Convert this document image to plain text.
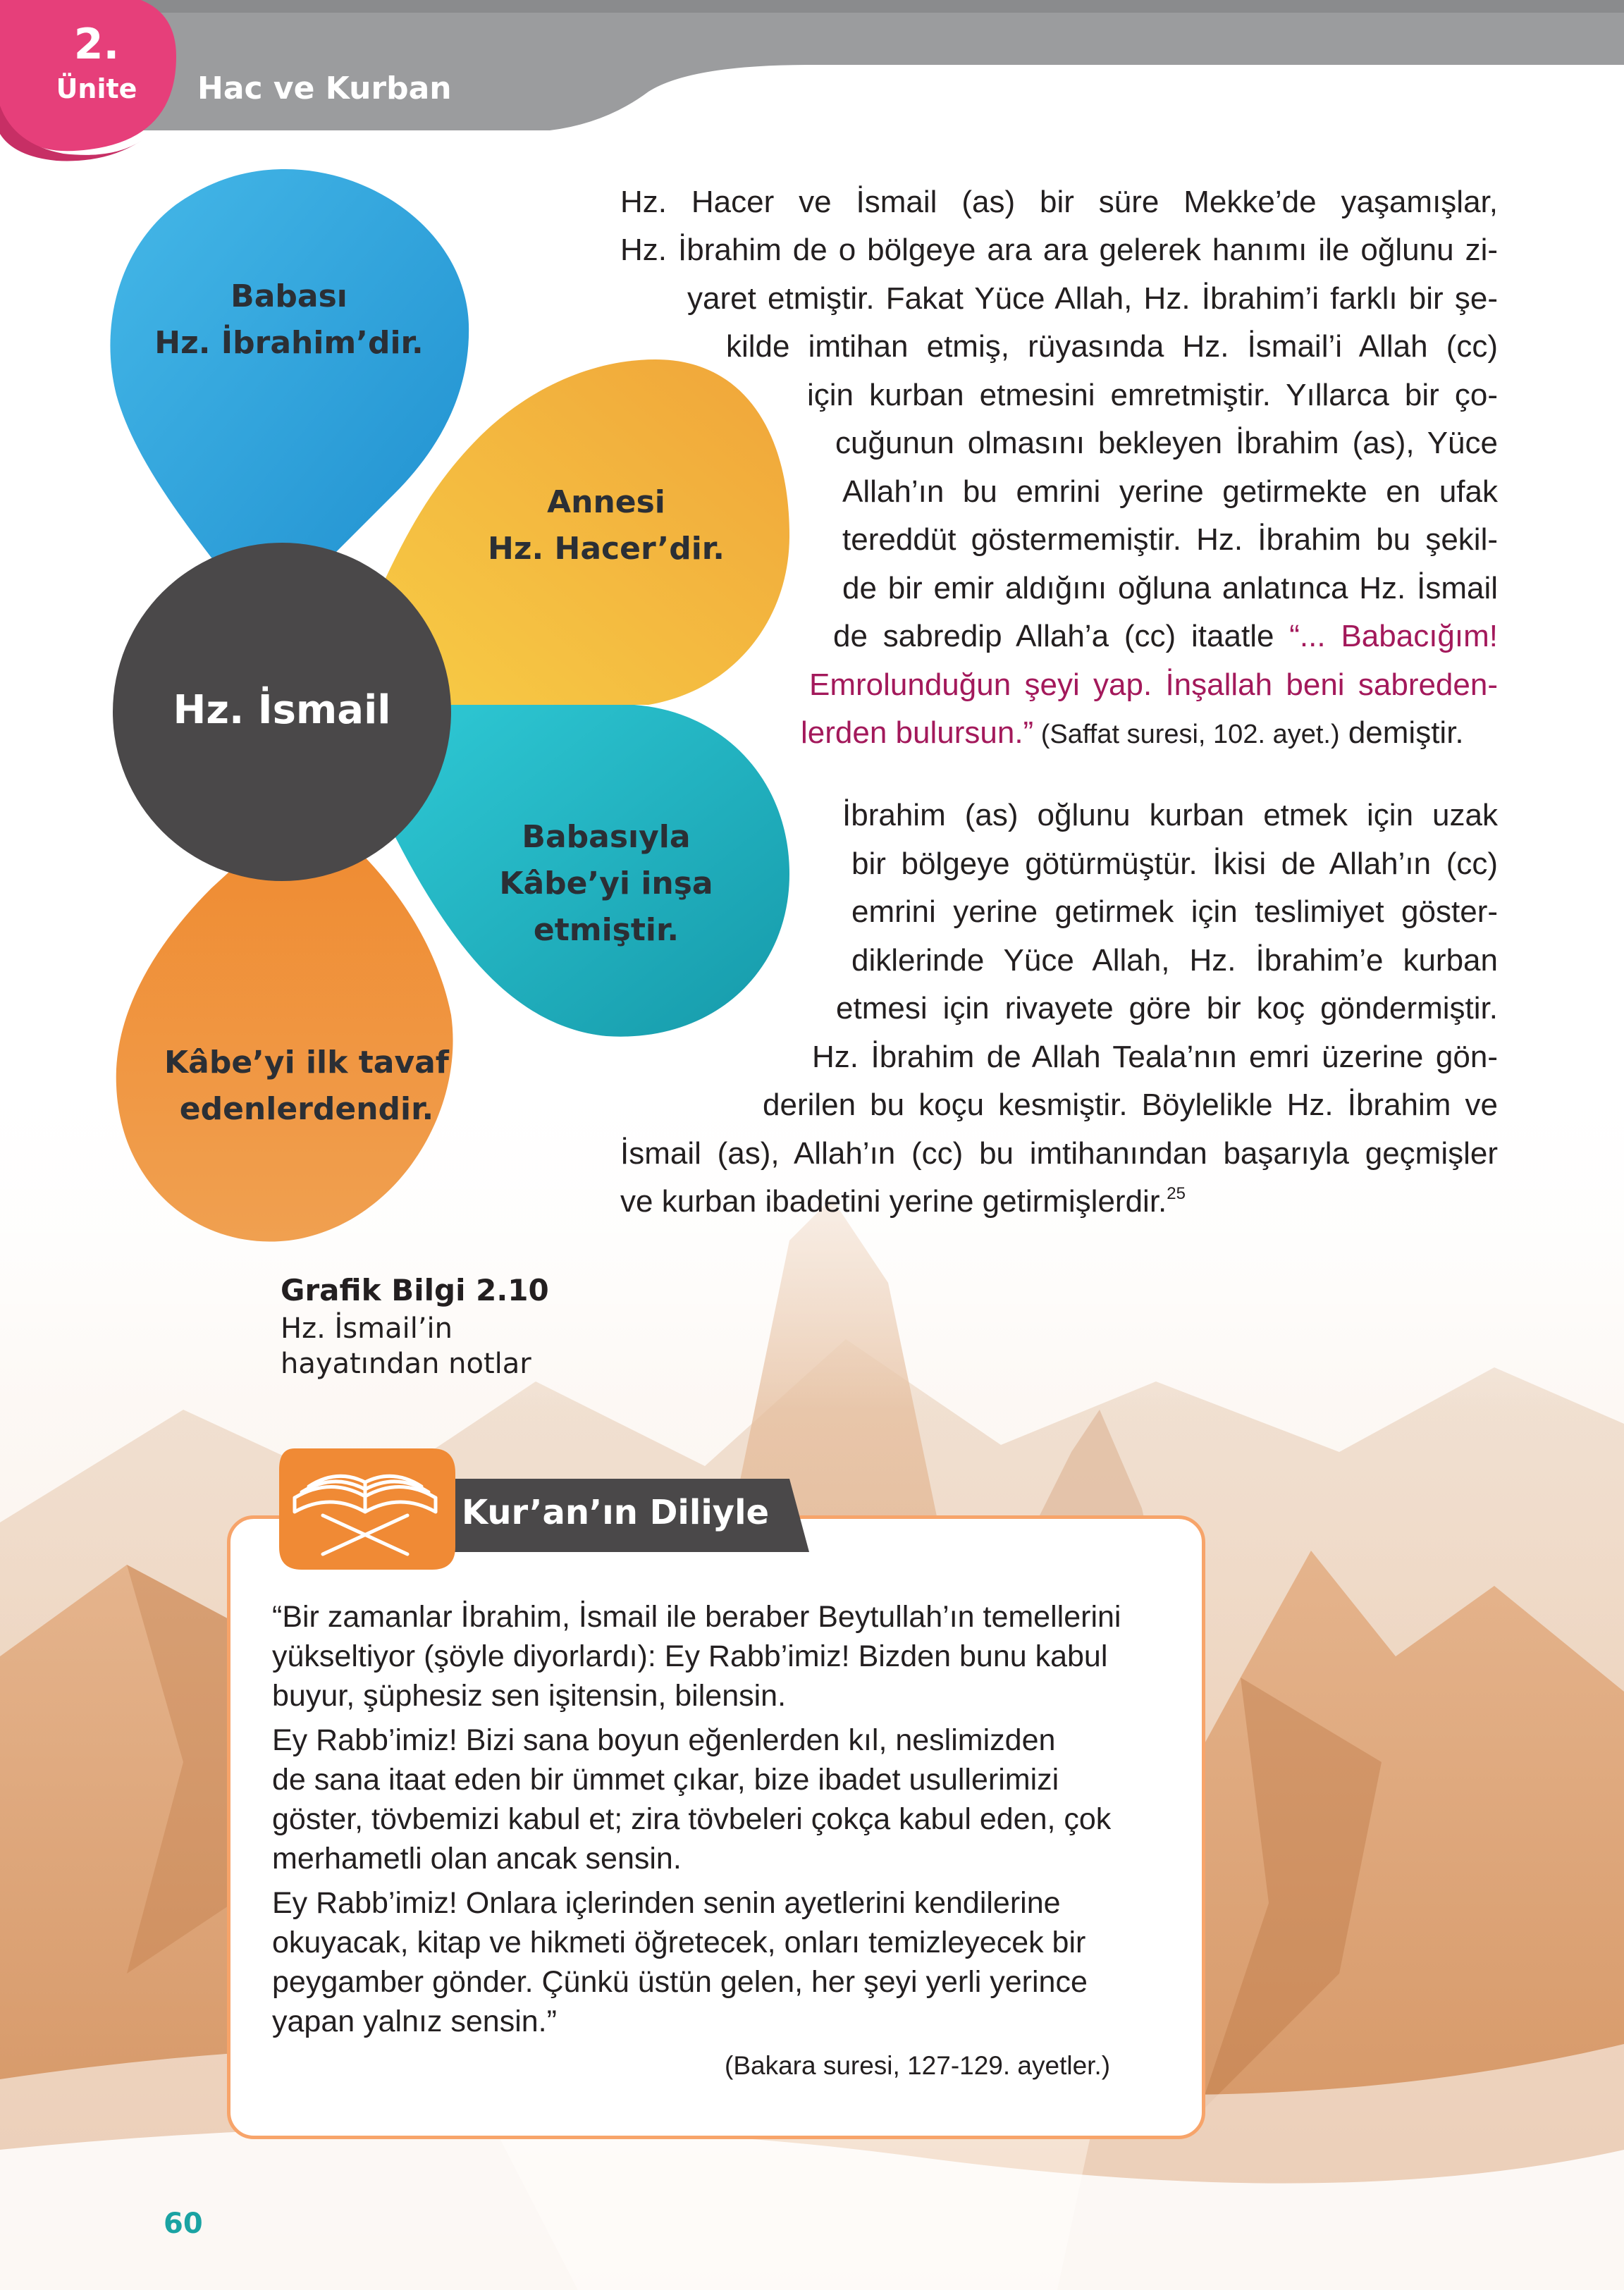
2.
Ünite	Hac ve Kurban
Babası
Hz. İbrahim’dir.
Annesi
Hz. Hacer’dir.
Babasıyla
Kâbe’yi inşa
etmiştir.
Kâbe’yi ilk tavaf
edenlerdendir.
Hz. İsmail
Grafik Bilgi 2.10
Hz. İsmail’in
hayatından notlar
Hz. Hacer ve İsmail (as) bir süre Mekke’de yaşamışlar,
Hz. İbrahim de o bölgeye ara ara gelerek hanımı ile oğlunu zi-
yaret etmiştir. Fakat Yüce Allah, Hz. İbrahim’i farklı bir şe-
kilde imtihan etmiş, rüyasında Hz. İsmail’i Allah (cc)
için kurban etmesini emretmiştir. Yıllarca bir ço-
cuğunun olmasını bekleyen İbrahim (as), Yüce
Allah’ın bu emrini yerine getirmekte en ufak
tereddüt göstermemiştir. Hz. İbrahim bu şekil-
de bir emir aldığını oğluna anlatınca Hz. İsmail
de sabredip Allah’a (cc) itaatle “... Babacığım!
Emrolunduğun şeyi yap. İnşallah beni sabreden-
lerden bulursun.” (Saffat suresi, 102. ayet.) demiştir.
İbrahim (as) oğlunu kurban etmek için uzak
bir bölgeye götürmüştür. İkisi de Allah’ın (cc)
emrini yerine getirmek için teslimiyet göster-
diklerinde Yüce Allah, Hz. İbrahim’e kurban
etmesi için rivayete göre bir koç göndermiştir.
Hz. İbrahim de Allah Teala’nın emri üzerine gön-
derilen bu koçu kesmiştir. Böylelikle Hz. İbrahim ve
İsmail (as), Allah’ın (cc) bu imtihanından başarıyla geçmişler
ve kurban ibadetini yerine getirmişlerdir.$^{25}$
Kur’an’ın Diliyle
“Bir zamanlar İbrahim, İsmail ile beraber Beytullah’ın temellerini
yükseltiyor (şöyle diyorlardı): Ey Rabb’imiz! Bizden bunu kabul
buyur, şüphesiz sen işitensin, bilensin.
Ey Rabb’imiz! Bizi sana boyun eğenlerden kıl, neslimizden
de sana itaat eden bir ümmet çıkar, bize ibadet usullerimizi
göster, tövbemizi kabul et; zira tövbeleri çokça kabul eden, çok
merhametli olan ancak sensin.
Ey Rabb’imiz! Onlara içlerinden senin ayetlerini kendilerine
okuyacak, kitap ve hikmeti öğretecek, onları temizleyecek bir
peygamber gönder. Çünkü üstün gelen, her şeyi yerli yerince
yapan yalnız sensin.”
(Bakara suresi, 127-129. ayetler.)
60
